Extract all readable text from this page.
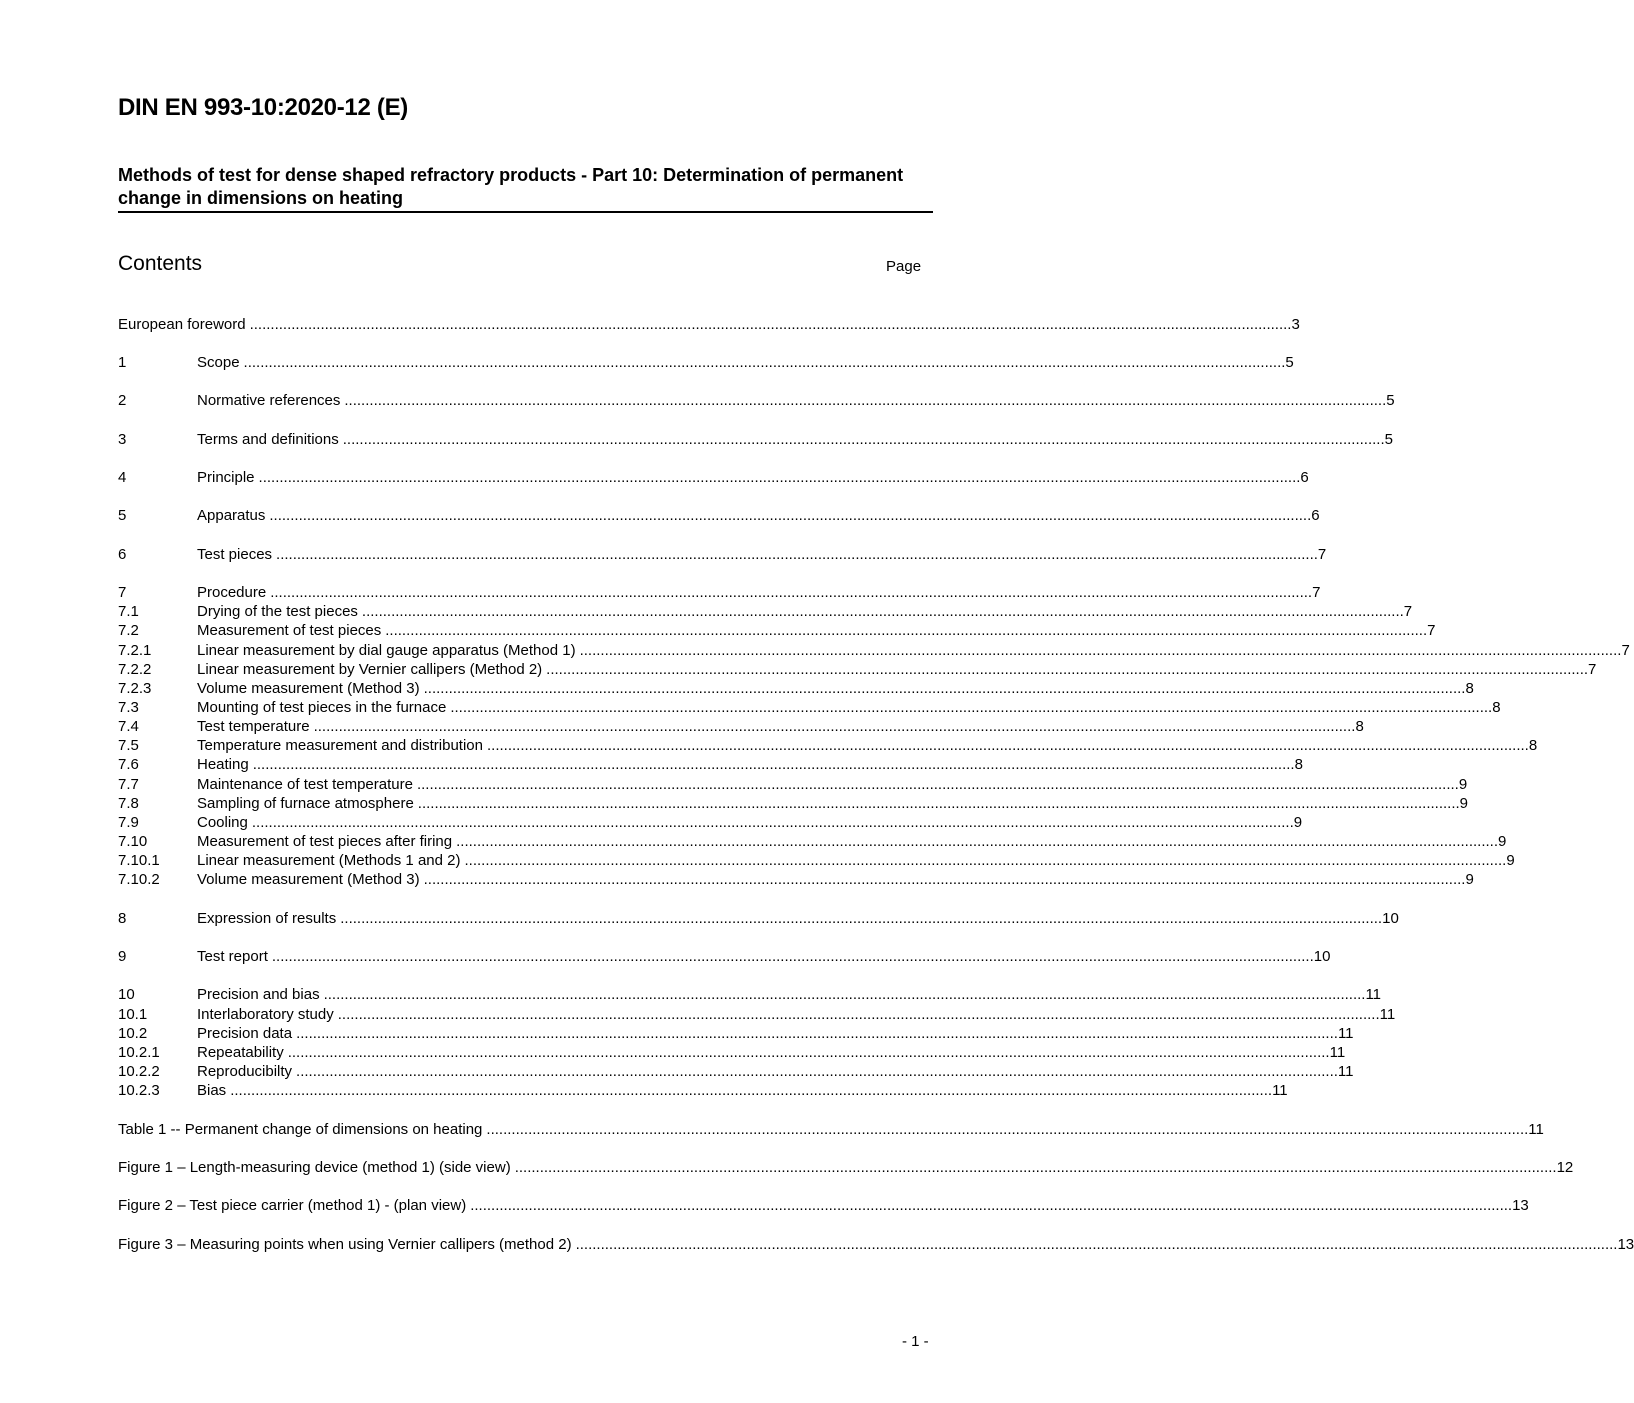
DIN EN 993-10:2020-12 (E)
Methods of test for dense shaped refractory products - Part 10: Determination of permanent change in dimensions on heating
Contents	Page
European foreword .......................................................................................................................................................................................................................................................... 3
1	Scope .......................................................................................................................................................................................................................................................... 5
2	Normative references .......................................................................................................................................................................................................................................................... 5
3	Terms and definitions .......................................................................................................................................................................................................................................................... 5
4	Principle .......................................................................................................................................................................................................................................................... 6
5	Apparatus .......................................................................................................................................................................................................................................................... 6
6	Test pieces .......................................................................................................................................................................................................................................................... 7
7	Procedure .......................................................................................................................................................................................................................................................... 7
7.1	Drying of the test pieces .......................................................................................................................................................................................................................................................... 7
7.2	Measurement of test pieces .......................................................................................................................................................................................................................................................... 7
7.2.1	Linear measurement by dial gauge apparatus (Method 1) .......................................................................................................................................................................................................................................................... 7
7.2.2	Linear measurement by Vernier callipers (Method 2) .......................................................................................................................................................................................................................................................... 7
7.2.3	Volume measurement (Method 3) .......................................................................................................................................................................................................................................................... 8
7.3	Mounting of test pieces in the furnace .......................................................................................................................................................................................................................................................... 8
7.4	Test temperature .......................................................................................................................................................................................................................................................... 8
7.5	Temperature measurement and distribution .......................................................................................................................................................................................................................................................... 8
7.6	Heating .......................................................................................................................................................................................................................................................... 8
7.7	Maintenance of test temperature .......................................................................................................................................................................................................................................................... 9
7.8	Sampling of furnace atmosphere .......................................................................................................................................................................................................................................................... 9
7.9	Cooling .......................................................................................................................................................................................................................................................... 9
7.10	Measurement of test pieces after firing .......................................................................................................................................................................................................................................................... 9
7.10.1	Linear measurement (Methods 1 and 2) .......................................................................................................................................................................................................................................................... 9
7.10.2	Volume measurement (Method 3) .......................................................................................................................................................................................................................................................... 9
8	Expression of results .......................................................................................................................................................................................................................................................... 10
9	Test report .......................................................................................................................................................................................................................................................... 10
10	Precision and bias .......................................................................................................................................................................................................................................................... 11
10.1	Interlaboratory study .......................................................................................................................................................................................................................................................... 11
10.2	Precision data .......................................................................................................................................................................................................................................................... 11
10.2.1	Repeatability .......................................................................................................................................................................................................................................................... 11
10.2.2	Reproducibilty .......................................................................................................................................................................................................................................................... 11
10.2.3	Bias .......................................................................................................................................................................................................................................................... 11
Table 1 -- Permanent change of dimensions on heating .......................................................................................................................................................................................................................................................... 11
Figure 1 – Length-measuring device (method 1) (side view) .......................................................................................................................................................................................................................................................... 12
Figure 2 – Test piece carrier (method 1) - (plan view) .......................................................................................................................................................................................................................................................... 13
Figure 3 – Measuring points when using Vernier callipers (method 2) .......................................................................................................................................................................................................................................................... 13
- 1 -
